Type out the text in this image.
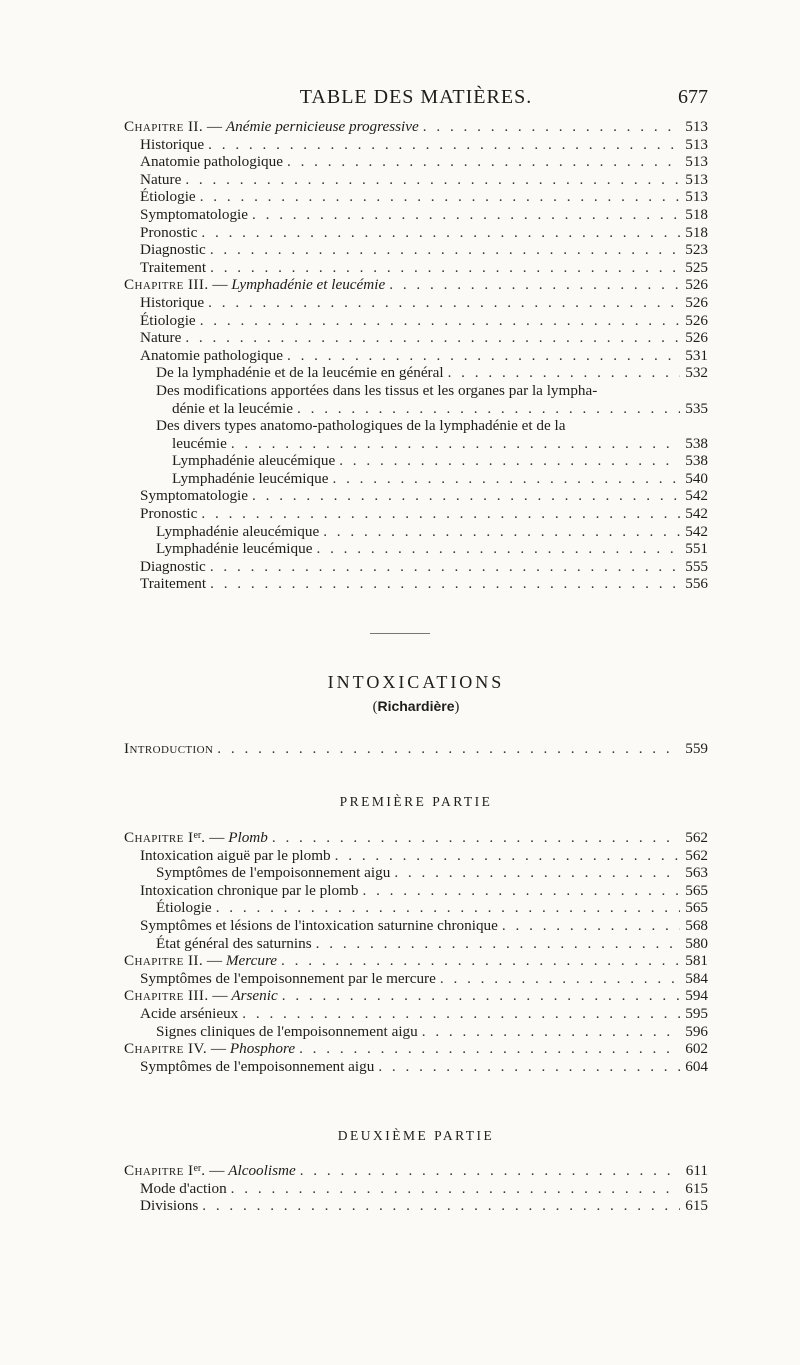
TABLE DES MATIÈRES.	677
Chapitre II. — Anémie pernicieuse progressive . . .	513
Historique . . .	513
Anatomie pathologique . . .	513
Nature . . .	513
Étiologie . . .	513
Symptomatologie . . .	518
Pronostic . . .	518
Diagnostic . . .	523
Traitement . . .	525
Chapitre III. — Lymphadénie et leucémie . . .	526
Historique . . .	526
Étiologie . . .	526
Nature . . .	526
Anatomie pathologique . . .	531
De la lymphadénie et de la leucémie en général . . .	532
Des modifications apportées dans les tissus et les organes par la lympha-
dénie et la leucémie . . .	535
Des divers types anatomo-pathologiques de la lymphadénie et de la
leucémie . . .	538
Lymphadénie aleucémique . . .	538
Lymphadénie leucémique . . .	540
Symptomatologie . . .	542
Pronostic . . .	542
Lymphadénie aleucémique . . .	542
Lymphadénie leucémique . . .	551
Diagnostic . . .	555
Traitement . . .	556
INTOXICATIONS
(Richardière)
Introduction . . .	559
PREMIÈRE PARTIE
Chapitre Ier. — Plomb . . .	562
Intoxication aiguë par le plomb . . .	562
Symptômes de l'empoisonnement aigu . . .	563
Intoxication chronique par le plomb . . .	565
Étiologie . . .	565
Symptômes et lésions de l'intoxication saturnine chronique . . .	568
État général des saturnins . . .	580
Chapitre II. — Mercure . . .	581
Symptômes de l'empoisonnement par le mercure . . .	584
Chapitre III. — Arsenic . . .	594
Acide arsénieux . . .	595
Signes cliniques de l'empoisonnement aigu . . .	596
Chapitre IV. — Phosphore . . .	602
Symptômes de l'empoisonnement aigu . . .	604
DEUXIÈME PARTIE
Chapitre Ier. — Alcoolisme . . .	611
Mode d'action . . .	615
Divisions . . .	615
